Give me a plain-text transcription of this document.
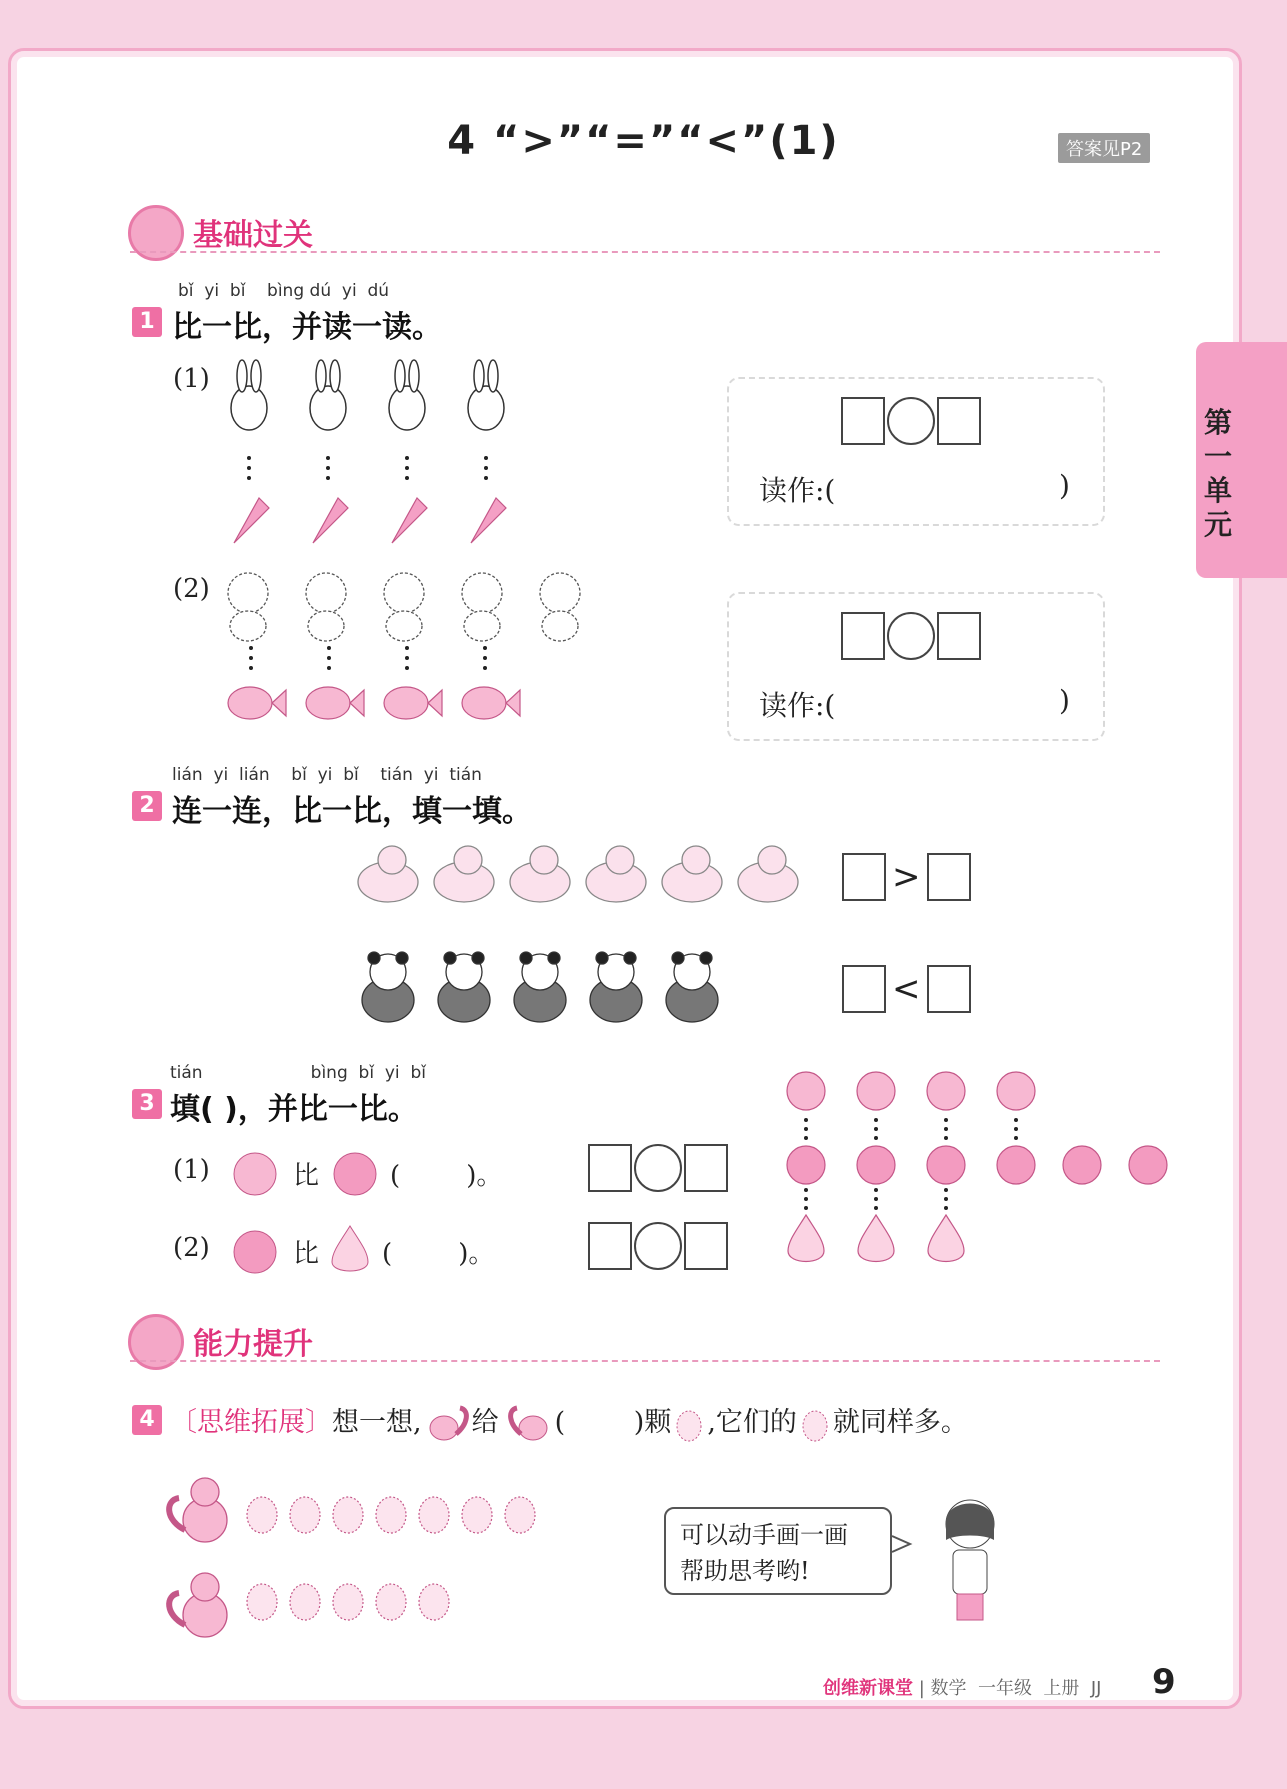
4 “>”“=”“<”(1)	答案见P2
第
一
单
元
基础过关
bǐ  yi  bǐ    bìng dú  yi  dú
1 比一比，并读一读。
(1)
读作:(	)
(2)
读作:(	)
lián  yi  lián    bǐ  yi  bǐ    tián  yi  tián
2 连一连，比一比，填一填。
>
<
tián                    bìng  bǐ  yi  bǐ
3 填( )，并比一比。
(1)	比	(        )。
(2)	比 (        )。
能力提升
4 〔思维拓展〕想一想, 给 (        )颗 ,它们的 就同样多。
可以动手画一画
帮助思考哟!
创维新课堂 | 数学  一年级  上册  JJ 9
